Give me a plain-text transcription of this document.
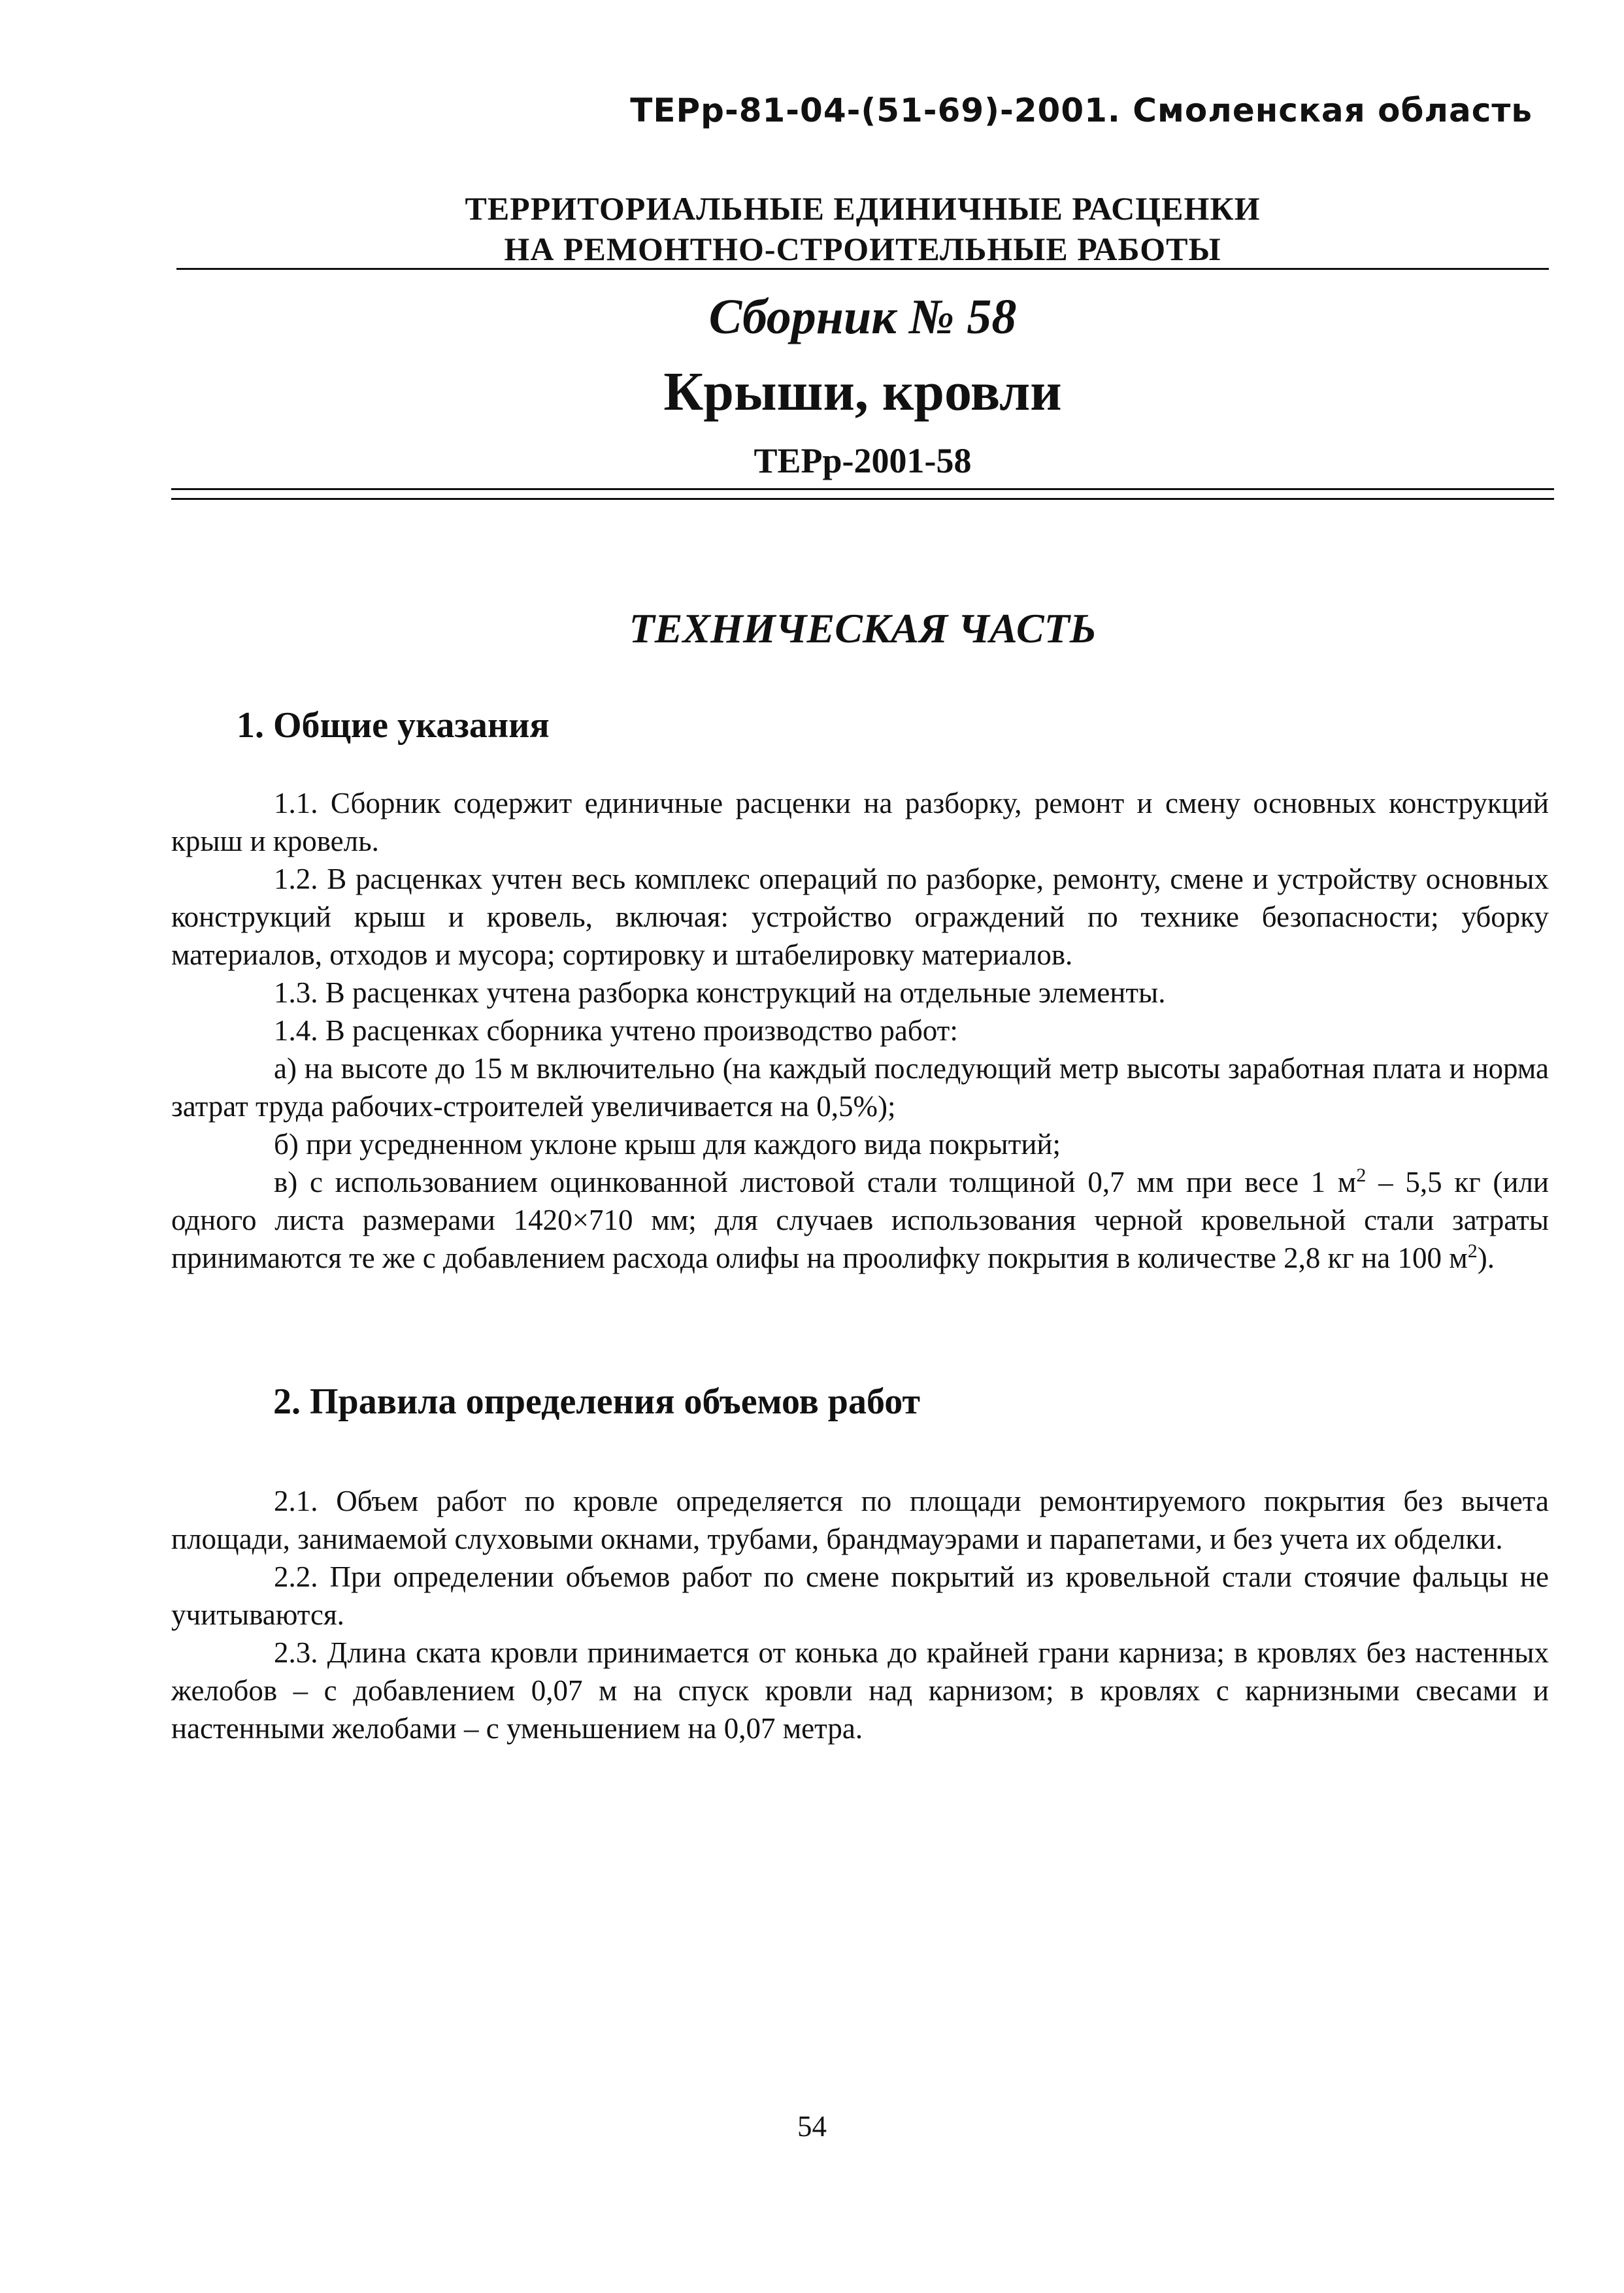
ТЕРр-81-04-(51-69)-2001. Смоленская область
ТЕРРИТОРИАЛЬНЫЕ ЕДИНИЧНЫЕ РАСЦЕНКИ
НА РЕМОНТНО-СТРОИТЕЛЬНЫЕ РАБОТЫ
Сборник № 58
Крыши, кровли
ТЕРр-2001-58
ТЕХНИЧЕСКАЯ ЧАСТЬ
1. Общие указания

1.1. Сборник содержит единичные расценки на разборку, ремонт и смену основных конструкций крыш и кровель.

1.2. В расценках учтен весь комплекс операций по разборке, ремонту, смене и устройству основных конструкций крыш и кровель, включая: устройство ограждений по технике безопасности; уборку материалов, отходов и мусора; сортировку и штабелировку материалов.

1.3. В расценках учтена разборка конструкций на отдельные элементы.

1.4. В расценках сборника учтено производство работ:

а) на высоте до 15 м включительно (на каждый последующий метр высоты заработная плата и норма затрат труда рабочих-строителей увеличивается на 0,5%);

б) при усредненном уклоне крыш для каждого вида покрытий;

в) с использованием оцинкованной листовой стали толщиной 0,7 мм при весе 1 $м^2 - 5,5$ кг (или одного листа размерами 1420×710 мм; для случаев использования черной кровельной стали затраты принимаются те же с добавлением расхода олифы на проолифку покрытия в количестве 2,8 кг на 100 $м^2$).

2. Правила определения объемов работ

2.1. Объем работ по кровле определяется по площади ремонтируемого покрытия без вычета площади, занимаемой слуховыми окнами, трубами, брандмауэрами и парапетами, и без учета их обделки.

2.2. При определении объемов работ по смене покрытий из кровельной стали стоячие фальцы не учитываются.

2.3. Длина ската кровли принимается от конька до крайней грани карниза; в кровлях без настенных желобов – с добавлением 0,07 м на спуск кровли над карнизом; в кровлях с карнизными свесами и настенными желобами – с уменьшением на 0,07 метра.

54
